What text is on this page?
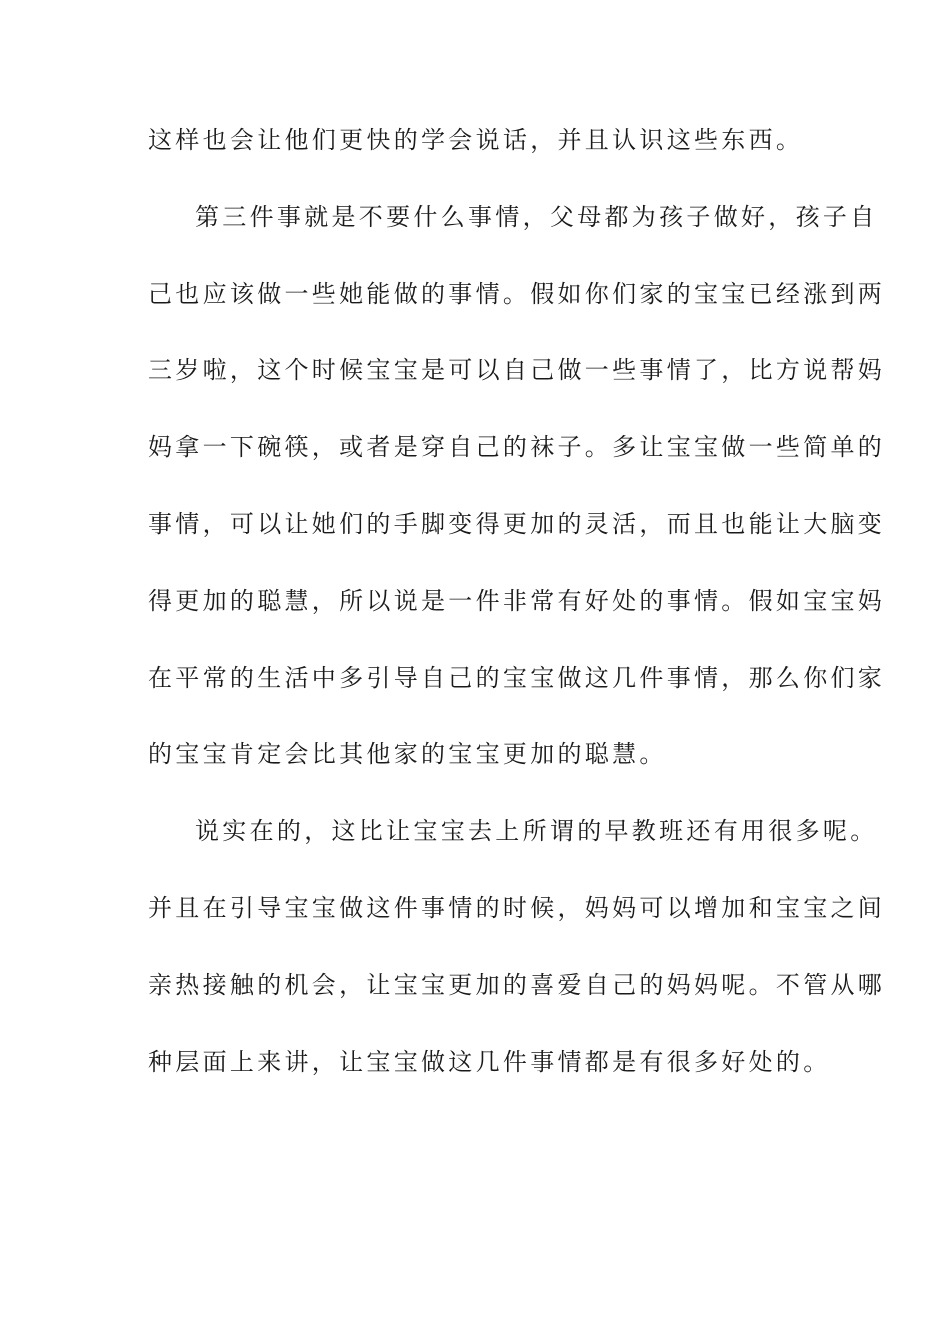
这样也会让他们更快的学会说话，并且认识这些东西。
第三件事就是不要什么事情，父母都为孩子做好，孩子自
己也应该做一些她能做的事情。假如你们家的宝宝已经涨到两
三岁啦，这个时候宝宝是可以自己做一些事情了，比方说帮妈
妈拿一下碗筷，或者是穿自己的袜子。多让宝宝做一些简单的
事情，可以让她们的手脚变得更加的灵活，而且也能让大脑变
得更加的聪慧，所以说是一件非常有好处的事情。假如宝宝妈
在平常的生活中多引导自己的宝宝做这几件事情，那么你们家
的宝宝肯定会比其他家的宝宝更加的聪慧。
说实在的，这比让宝宝去上所谓的早教班还有用很多呢。
并且在引导宝宝做这件事情的时候，妈妈可以增加和宝宝之间
亲热接触的机会，让宝宝更加的喜爱自己的妈妈呢。不管从哪
种层面上来讲，让宝宝做这几件事情都是有很多好处的。
